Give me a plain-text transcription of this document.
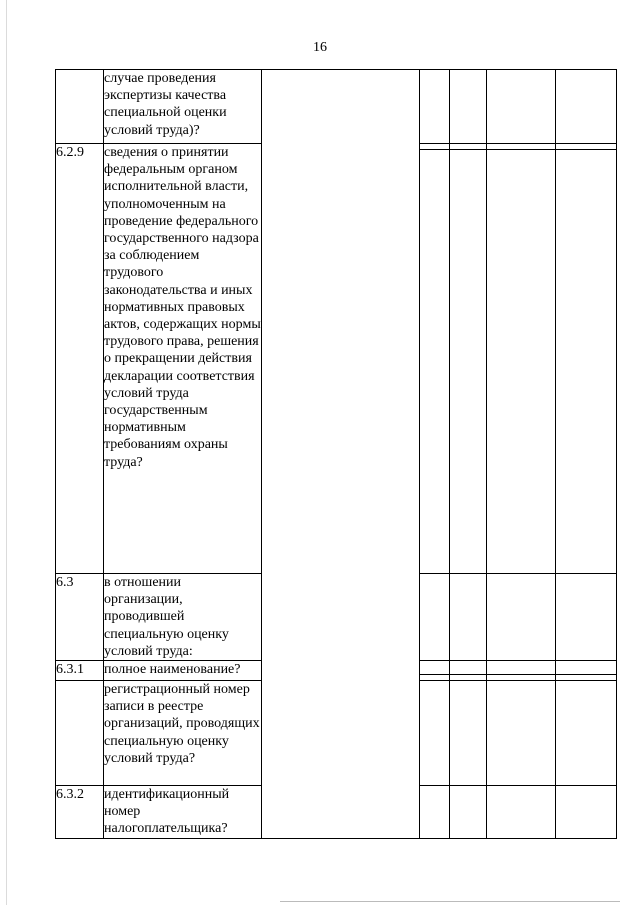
16
	случае проведения экспертизы качества специальной оценки условий труда)?					
6.2.9	сведения о принятии федеральным органом исполнительной власти, уполномоченным на проведение федерального государственного надзора за соблюдением трудового законодательства и иных нормативных правовых актов, содержащих нормы трудового права, решения о прекращении действия декларации соответствия условий труда государственным нормативным требованиям охраны труда?		

6.3	в отношении организации, проводившей специальную оценку условий труда:					
6.3.1	полное наименование?		

	регистрационный номер записи в реестре организаций, проводящих специальную оценку условий труда?					
6.3.2	идентификационный номер налогоплательщика?					
